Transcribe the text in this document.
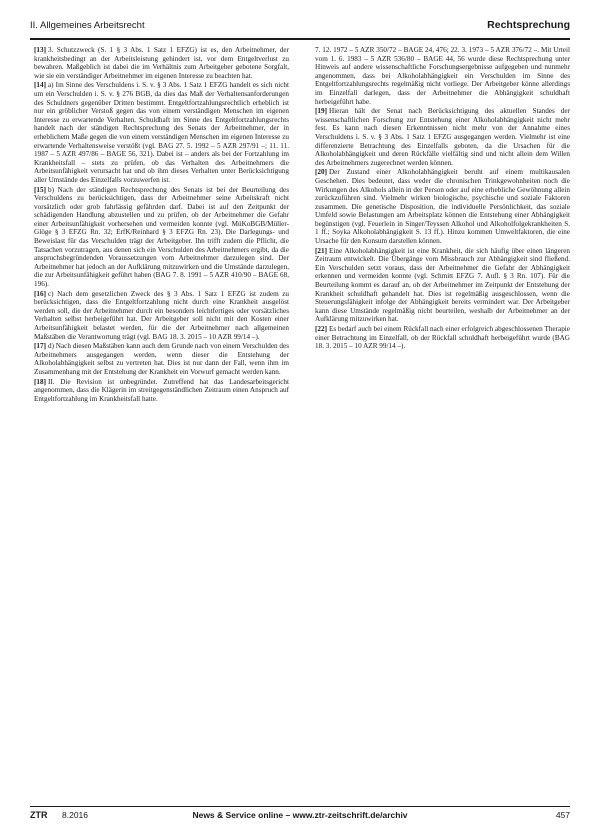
II. Allgemeines Arbeitsrecht	Rechtsprechung

[13] 3. Schutzzweck (S. 1 § 3 Abs. 1 Satz 1 EFZG) ist es, den Arbeitnehmer, der krankheitsbedingt an der Arbeitsleistung gehindert ist, vor dem Entgeltverlust zu bewahren. Maßgeblich ist dabei die im Verhältnis zum Arbeitgeber gebotene Sorgfalt, wie sie ein verständiger Arbeitnehmer im eigenen Interesse zu beachten hat.

[14] a) Im Sinne des Verschuldens i. S. v. § 3 Abs. 1 Satz 1 EFZG handelt es sich nicht um ein Verschulden i. S. v. § 276 BGB, da dies das Maß der Verhaltensanforderungen des Schuldners gegenüber Dritten bestimmt. Entgeltfortzahlungsrechtlich erheblich ist nur ein gröblicher Verstoß gegen das von einem verständigen Menschen im eigenen Interesse zu erwartende Verhalten. Schuldhaft im Sinne des Entgeltfortzahlungsrechts handelt nach der ständigen Rechtsprechung des Senats der Arbeitnehmer, der in erheblichem Maße gegen die von einem verständigen Menschen im eigenen Interesse zu erwartende Verhaltensweise verstößt (vgl. BAG 27. 5. 1992 – 5 AZR 297/91 –; 11. 11. 1987 – 5 AZR 497/86 – BAGE 56, 321). Dabei ist – anders als bei der Fortzahlung im Krankheitsfall – stets zu prüfen, ob das Verhalten des Arbeitnehmers die Arbeitsunfähigkeit verursacht hat und ob ihm dieses Verhalten unter Berücksichtigung aller Umstände des Einzelfalls vorzuwerfen ist.

[15] b) Nach der ständigen Rechtsprechung des Senats ist bei der Beurteilung des Verschuldens zu berücksichtigen, dass der Arbeitnehmer seine Arbeitskraft nicht vorsätzlich oder grob fahrlässig gefährden darf. Dabei ist auf den Zeitpunkt der schädigenden Handlung abzustellen und zu prüfen, ob der Arbeitnehmer die Gefahr einer Arbeitsunfähigkeit vorhersehen und vermeiden konnte (vgl. MüKoBGB/Müller-Glöge § 3 EFZG Rn. 32; ErfK/Reinhard § 3 EFZG Rn. 23). Die Darlegungs- und Beweislast für das Verschulden trägt der Arbeitgeber. Ihn trifft zudem die Pflicht, die Tatsachen vorzutragen, aus denen sich ein Verschulden des Arbeitnehmers ergibt, da die anspruchsbegründenden Voraussetzungen vom Arbeitnehmer darzulegen sind. Der Arbeitnehmer hat jedoch an der Aufklärung mitzuwirken und die Umstände darzulegen, die zur Arbeitsunfähigkeit geführt haben (BAG 7. 8. 1991 – 5 AZR 410/90 – BAGE 68, 196).

[16] c) Nach dem gesetzlichen Zweck des § 3 Abs. 1 Satz 1 EFZG ist zudem zu berücksichtigen, dass die Entgeltfortzahlung nicht durch eine Krankheit ausgelöst werden soll, die der Arbeitnehmer durch ein besonders leichtfertiges oder vorsätzliches Verhalten selbst herbeigeführt hat. Der Arbeitgeber soll nicht mit den Kosten einer Arbeitsunfähigkeit belastet werden, für die der Arbeitnehmer nach allgemeinen Maßstäben die Verantwortung trägt (vgl. BAG 18. 3. 2015 – 10 AZR 99/14 –).

[17] d) Nach diesen Maßstäben kann auch dem Grunde nach von einem Verschulden des Arbeitnehmers ausgegangen werden, wenn dieser die Entstehung der Alkoholabhängigkeit selbst zu vertreten hat. Dies ist nur dann der Fall, wenn ihm im Zusammenhang mit der Entstehung der Krankheit ein Vorwurf gemacht werden kann.

[18] II. Die Revision ist unbegründet. Zutreffend hat das Landesarbeitsgericht angenommen, dass die Klägerin im streitgegenständlichen Zeitraum einen Anspruch auf Entgeltfortzahlung im Krankheitsfall hatte.

7. 12. 1972 – 5 AZR 350/72 – BAGE 24, 476; 22. 3. 1973 – 5 AZR 376/72 –. Mit Urteil vom 1. 6. 1983 – 5 AZR 536/80 – BAGE 44, 56 wurde diese Rechtsprechung unter Hinweis auf andere wissenschaftliche Forschungsergebnisse aufgegeben und nunmehr angenommen, dass bei Alkoholabhängigkeit ein Verschulden im Sinne des Entgeltfortzahlungsrechts regelmäßig nicht vorliege. Der Arbeitgeber könne allerdings im Einzelfall darlegen, dass der Arbeitnehmer die Abhängigkeit schuldhaft herbeigeführt habe.

[19] Hieran hält der Senat nach Berücksichtigung des aktuellen Standes der wissenschaftlichen Forschung zur Entstehung einer Alkoholabhängigkeit nicht mehr fest. Es kann nach diesen Erkenntnissen nicht mehr von der Annahme eines Verschuldens i. S. v. § 3 Abs. 1 Satz 1 EFZG ausgegangen werden. Vielmehr ist eine differenzierte Betrachtung des Einzelfalls geboten, da die Ursachen für die Alkoholabhängigkeit und deren Rückfälle vielfältig sind und nicht allein dem Willen des Arbeitnehmers zugerechnet werden können.

[20] Der Zustand einer Alkoholabhängigkeit beruht auf einem multikausalen Geschehen. Dies bedeutet, dass weder die chronischen Trinkgewohnheiten noch die Wirkungen des Alkohols allein in der Person oder auf eine erhebliche Gewöhnung allein zurückzuführen sind. Vielmehr wirken biologische, psychische und soziale Faktoren zusammen. Die genetische Disposition, die individuelle Persönlichkeit, das soziale Umfeld sowie Belastungen am Arbeitsplatz können die Entstehung einer Abhängigkeit begünstigen (vgl. Feuerlein in Singer/Teyssen Alkohol und Alkoholfolgekrankheiten S. 1 ff.; Soyka Alkoholabhängigkeit S. 13 ff.). Hinzu kommen Umweltfaktoren, die eine Ursache für den Konsum darstellen können.

[21] Eine Alkoholabhängigkeit ist eine Krankheit, die sich häufig über einen längeren Zeitraum entwickelt. Die Übergänge vom Missbrauch zur Abhängigkeit sind fließend. Ein Verschulden setzt voraus, dass der Arbeitnehmer die Gefahr der Abhängigkeit erkennen und vermeiden konnte (vgl. Schmitt EFZG 7. Aufl. § 3 Rn. 107). Für die Beurteilung kommt es darauf an, ob der Arbeitnehmer im Zeitpunkt der Entstehung der Krankheit schuldhaft gehandelt hat. Dies ist regelmäßig ausgeschlossen, wenn die Steuerungsfähigkeit infolge der Abhängigkeit bereits vermindert war. Der Arbeitgeber kann diese Umstände regelmäßig nicht beurteilen, weshalb der Arbeitnehmer an der Aufklärung mitzuwirken hat.

[22] Es bedarf auch bei einem Rückfall nach einer erfolgreich abgeschlossenen Therapie einer Betrachtung im Einzelfall, ob der Rückfall schuldhaft herbeigeführt wurde (BAG 18. 3. 2015 – 10 AZR 99/14 –).

ZTR 8.2016	News & Service online – www.ztr-zeitschrift.de/archiv	457
